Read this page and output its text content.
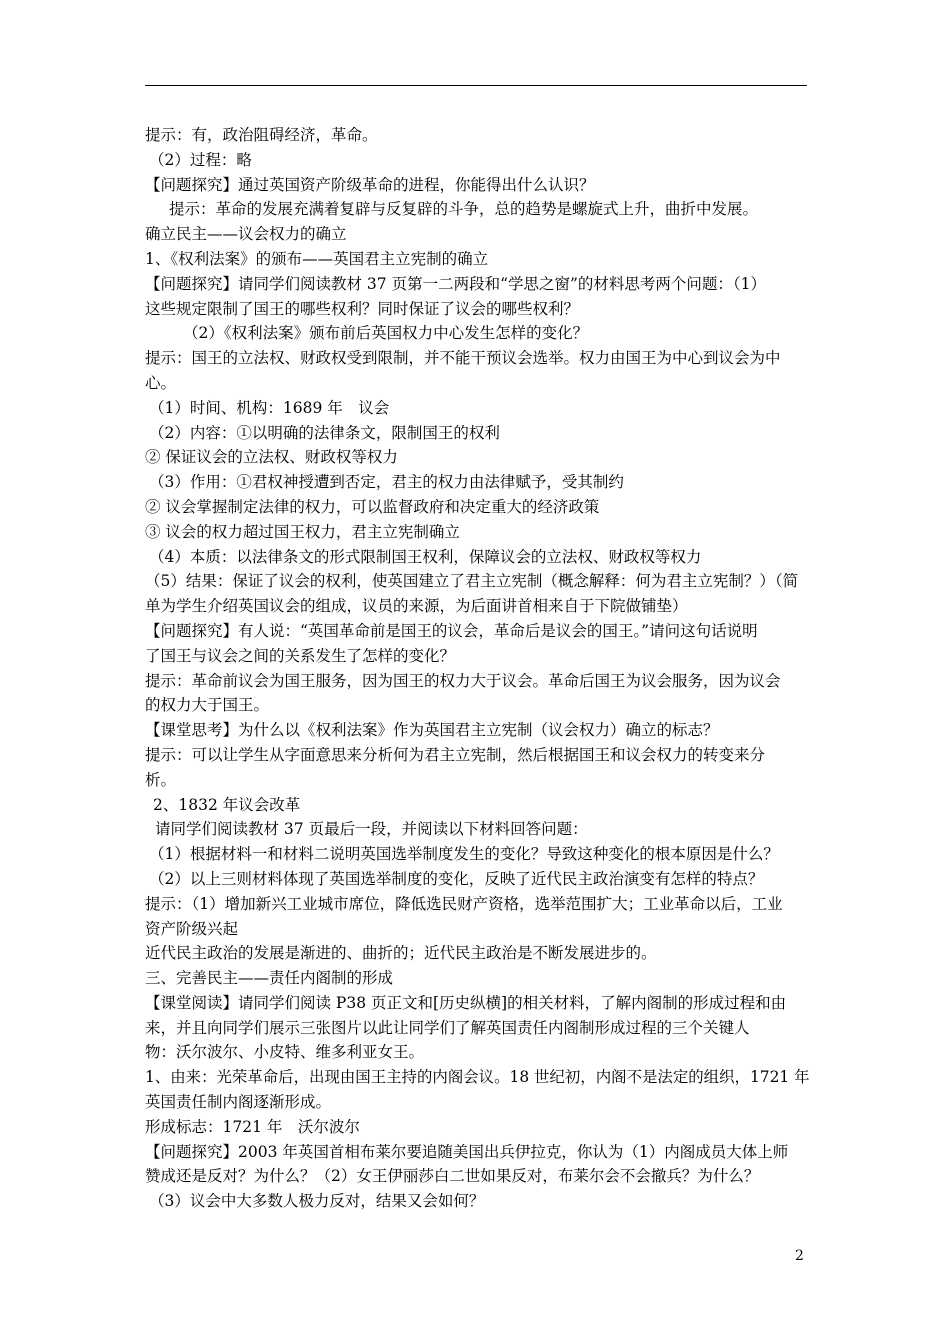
提示：有，政治阻碍经济，革命。
（2）过程：略
【问题探究】通过英国资产阶级革命的进程，你能得出什么认识？
提示：革命的发展充满着复辟与反复辟的斗争，总的趋势是螺旋式上升，曲折中发展。
确立民主——议会权力的确立
1、《权利法案》的颁布——英国君主立宪制的确立
【问题探究】请同学们阅读教材 37 页第一二两段和“学思之窗”的材料思考两个问题：（1）
这些规定限制了国王的哪些权利？同时保证了议会的哪些权利？
（2）《权利法案》颁布前后英国权力中心发生怎样的变化？
提示：国王的立法权、财政权受到限制，并不能干预议会选举。权力由国王为中心到议会为中
心。
（1）时间、机构：1689 年　议会
（2）内容：①以明确的法律条文，限制国王的权利
② 保证议会的立法权、财政权等权力
（3）作用：①君权神授遭到否定，君主的权力由法律赋予，受其制约
② 议会掌握制定法律的权力，可以监督政府和决定重大的经济政策
③ 议会的权力超过国王权力，君主立宪制确立
（4）本质：以法律条文的形式限制国王权利，保障议会的立法权、财政权等权力
（5）结果：保证了议会的权利，使英国建立了君主立宪制（概念解释：何为君主立宪制？）（简
单为学生介绍英国议会的组成，议员的来源，为后面讲首相来自于下院做铺垫）
【问题探究】有人说：“英国革命前是国王的议会，革命后是议会的国王。”请问这句话说明
了国王与议会之间的关系发生了怎样的变化？
提示：革命前议会为国王服务，因为国王的权力大于议会。革命后国王为议会服务，因为议会
的权力大于国王。
【课堂思考】为什么以《权利法案》作为英国君主立宪制（议会权力）确立的标志？
提示：可以让学生从字面意思来分析何为君主立宪制，然后根据国王和议会权力的转变来分
析。
2、1832 年议会改革
请同学们阅读教材 37 页最后一段，并阅读以下材料回答问题：
（1）根据材料一和材料二说明英国选举制度发生的变化？导致这种变化的根本原因是什么？
（2）以上三则材料体现了英国选举制度的变化，反映了近代民主政治演变有怎样的特点？
提示：（1）增加新兴工业城市席位，降低选民财产资格，选举范围扩大；工业革命以后，工业
资产阶级兴起
近代民主政治的发展是渐进的、曲折的；近代民主政治是不断发展进步的。
三、完善民主——责任内阁制的形成
【课堂阅读】请同学们阅读 P38 页正文和[历史纵横]的相关材料，了解内阁制的形成过程和由
来，并且向同学们展示三张图片以此让同学们了解英国责任内阁制形成过程的三个关键人
物：沃尔波尔、小皮特、维多利亚女王。
1、由来：光荣革命后，出现由国王主持的内阁会议。18 世纪初，内阁不是法定的组织，1721 年
英国责任制内阁逐渐形成。
形成标志：1721 年　沃尔波尔
【问题探究】2003 年英国首相布莱尔要追随美国出兵伊拉克，你认为（1）内阁成员大体上师
赞成还是反对？为什么？（2）女王伊丽莎白二世如果反对，布莱尔会不会撤兵？为什么？
（3）议会中大多数人极力反对，结果又会如何？
2
